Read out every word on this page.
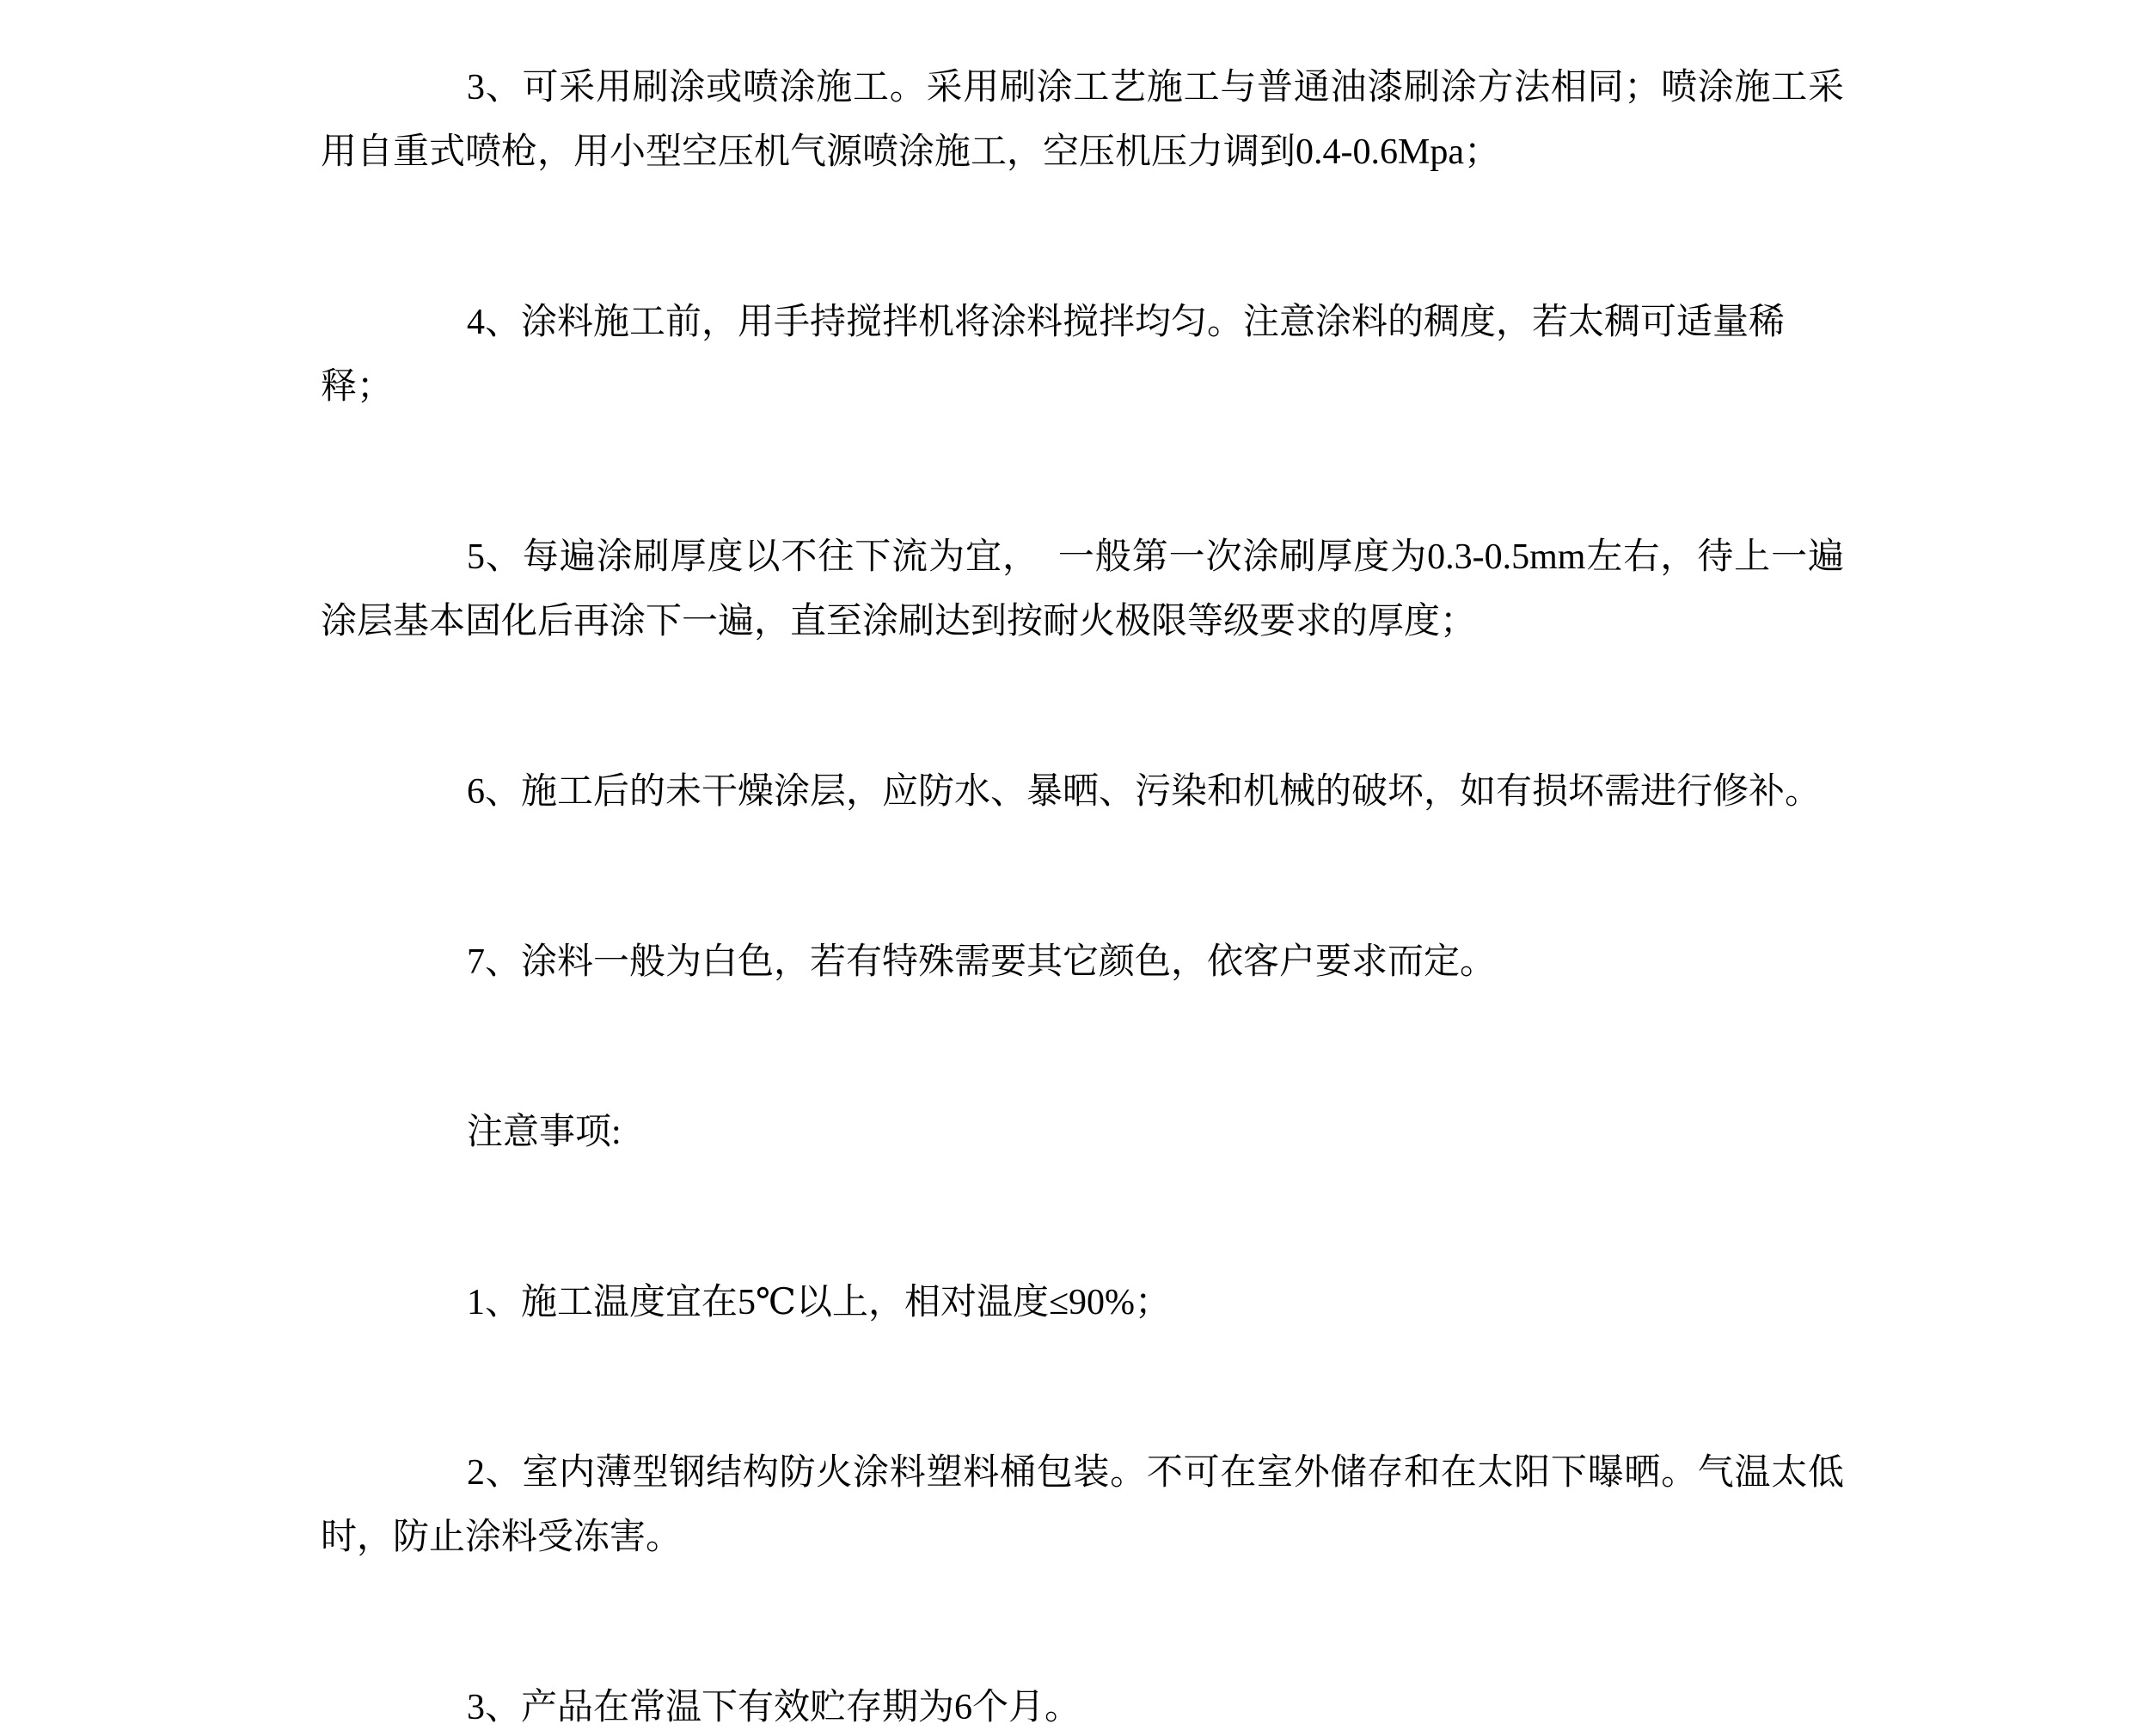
3、可采用刷涂或喷涂施工。采用刷涂工艺施工与普通油漆刷涂方法相同；喷涂施工采
用自重式喷枪，用小型空压机气源喷涂施工，空压机压力调到0.4-0.6Mpa；
4、涂料施工前，用手持搅拌机将涂料搅拌均匀。注意涂料的稠度，若太稠可适量稀释；
5、每遍涂刷厚度以不往下流为宜，　一般第一次涂刷厚度为0.3-0.5mm左右，待上一遍
涂层基本固化后再涂下一遍，直至涂刷达到按耐火极限等级要求的厚度；
6、施工后的未干燥涂层，应防水、暴晒、污染和机械的破坏，如有损坏需进行修补。
7、涂料一般为白色，若有特殊需要其它颜色，依客户要求而定。
注意事项:
1、施工温度宜在5℃以上，相对温度≤90%；
2、室内薄型钢结构防火涂料塑料桶包装。不可在室外储存和在太阳下曝晒。气温太低
时，防止涂料受冻害。
3、产品在常温下有效贮存期为6个月。
